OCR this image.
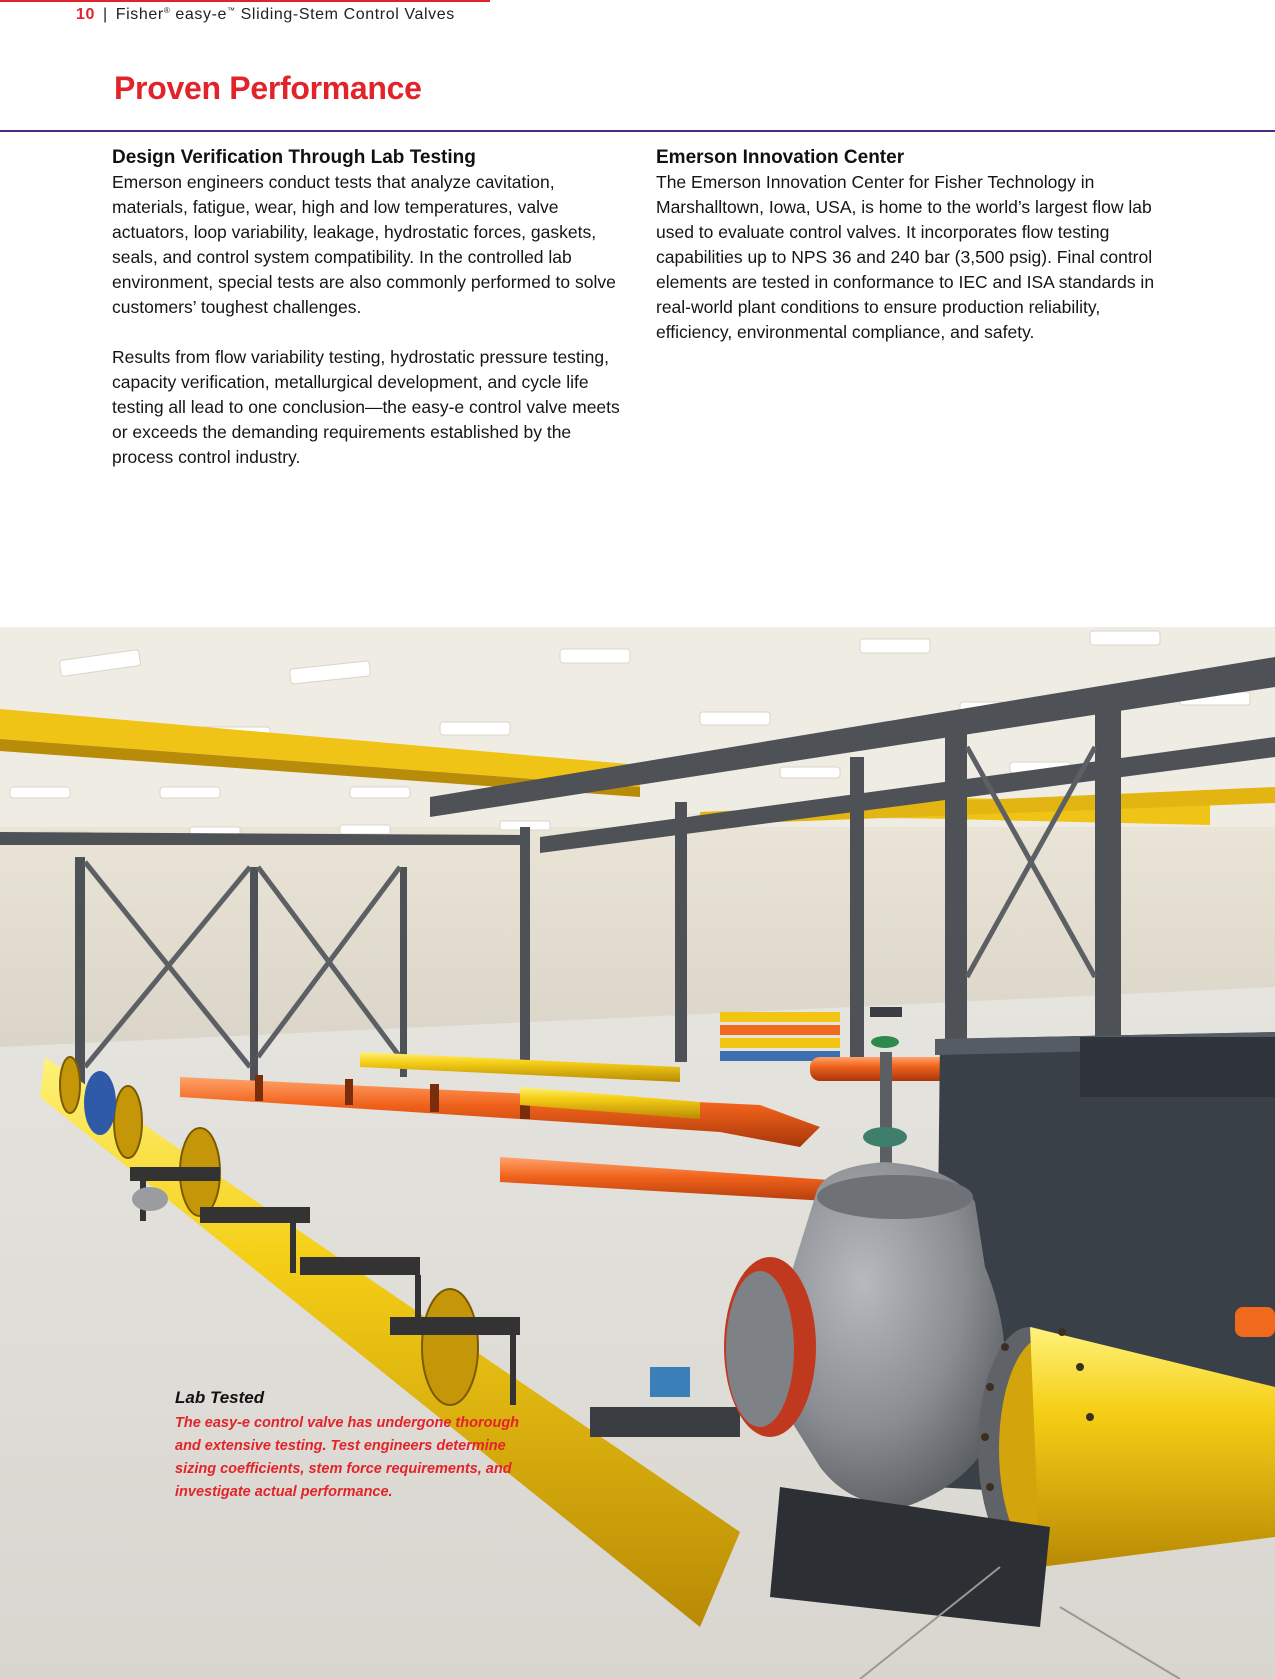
10 | Fisher® easy-e™ Sliding-Stem Control Valves
Proven Performance
Design Verification Through Lab Testing

Emerson engineers conduct tests that analyze cavitation, materials, fatigue, wear, high and low temperatures, valve actuators, loop variability, leakage, hydrostatic forces, gaskets, seals, and control system compatibility. In the controlled lab environment, special tests are also commonly performed to solve customers’ toughest challenges.

Results from flow variability testing, hydrostatic pressure testing, capacity verification, metallurgical development, and cycle life testing all lead to one conclusion—the easy-e control valve meets or exceeds the demanding requirements established by the process control industry.

Emerson Innovation Center

The Emerson Innovation Center for Fisher Technology in Marshalltown, Iowa, USA, is home to the world’s largest flow lab used to evaluate control valves. It incorporates flow testing capabilities up to NPS 36 and 240 bar (3,500 psig). Final control elements are tested in conformance to IEC and ISA standards in real-world plant conditions to ensure production reliability, efficiency, environmental compliance, and safety.

Lab Tested

The easy-e control valve has undergone thorough and extensive testing. Test engineers determine sizing coefficients, stem force requirements, and investigate actual performance.
